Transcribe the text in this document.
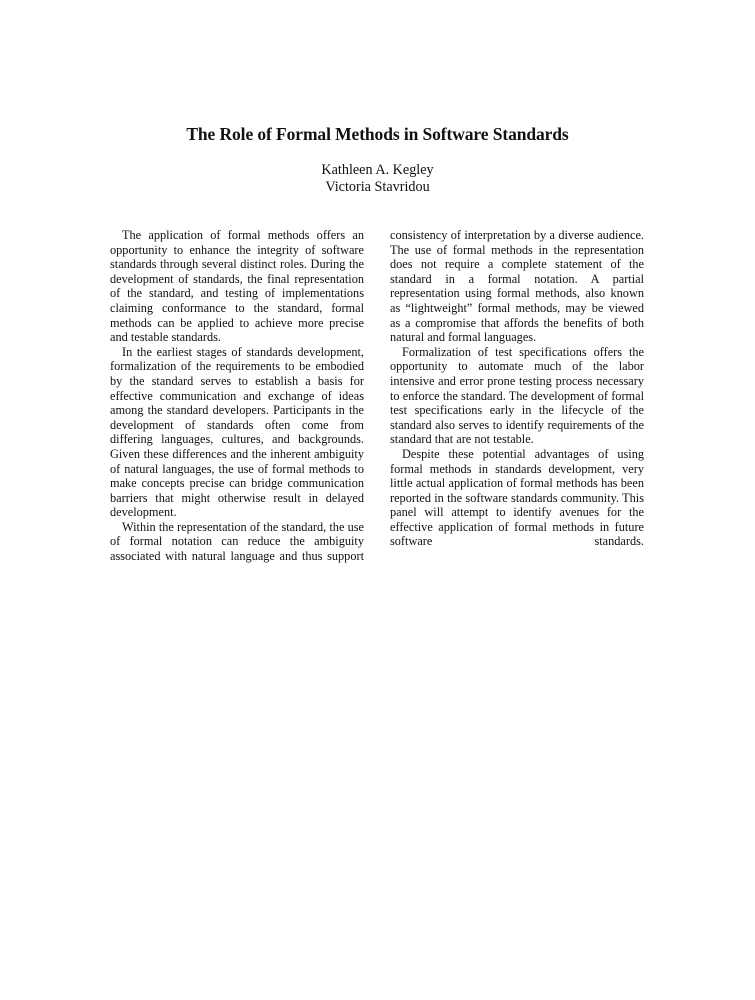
The Role of Formal Methods in Software Standards
Kathleen A. Kegley
Victoria Stavridou

The application of formal methods offers an opportunity to enhance the integrity of software standards through several distinct roles. During the development of standards, the final representation of the standard, and testing of implementations claiming conformance to the standard, formal methods can be applied to achieve more precise and testable standards.

In the earliest stages of standards development, formalization of the requirements to be embodied by the standard serves to establish a basis for effective communication and exchange of ideas among the standard developers. Participants in the development of standards often come from differing languages, cultures, and backgrounds. Given these differences and the inherent ambiguity of natural languages, the use of formal methods to make concepts precise can bridge communication barriers that might otherwise result in delayed development.

Within the representation of the standard, the use of formal notation can reduce the ambiguity associated with natural language and thus support

consistency of interpretation by a diverse audience. The use of formal methods in the representation does not require a complete statement of the standard in a formal notation. A partial representation using formal methods, also known as “lightweight” formal methods, may be viewed as a compromise that affords the benefits of both natural and formal languages.

Formalization of test specifications offers the opportunity to automate much of the labor intensive and error prone testing process necessary to enforce the standard. The development of formal test specifications early in the lifecycle of the standard also serves to identify requirements of the standard that are not testable.

Despite these potential advantages of using formal methods in standards development, very little actual application of formal methods has been reported in the software standards community. This panel will attempt to identify avenues for the effective application of formal methods in future software standards.
